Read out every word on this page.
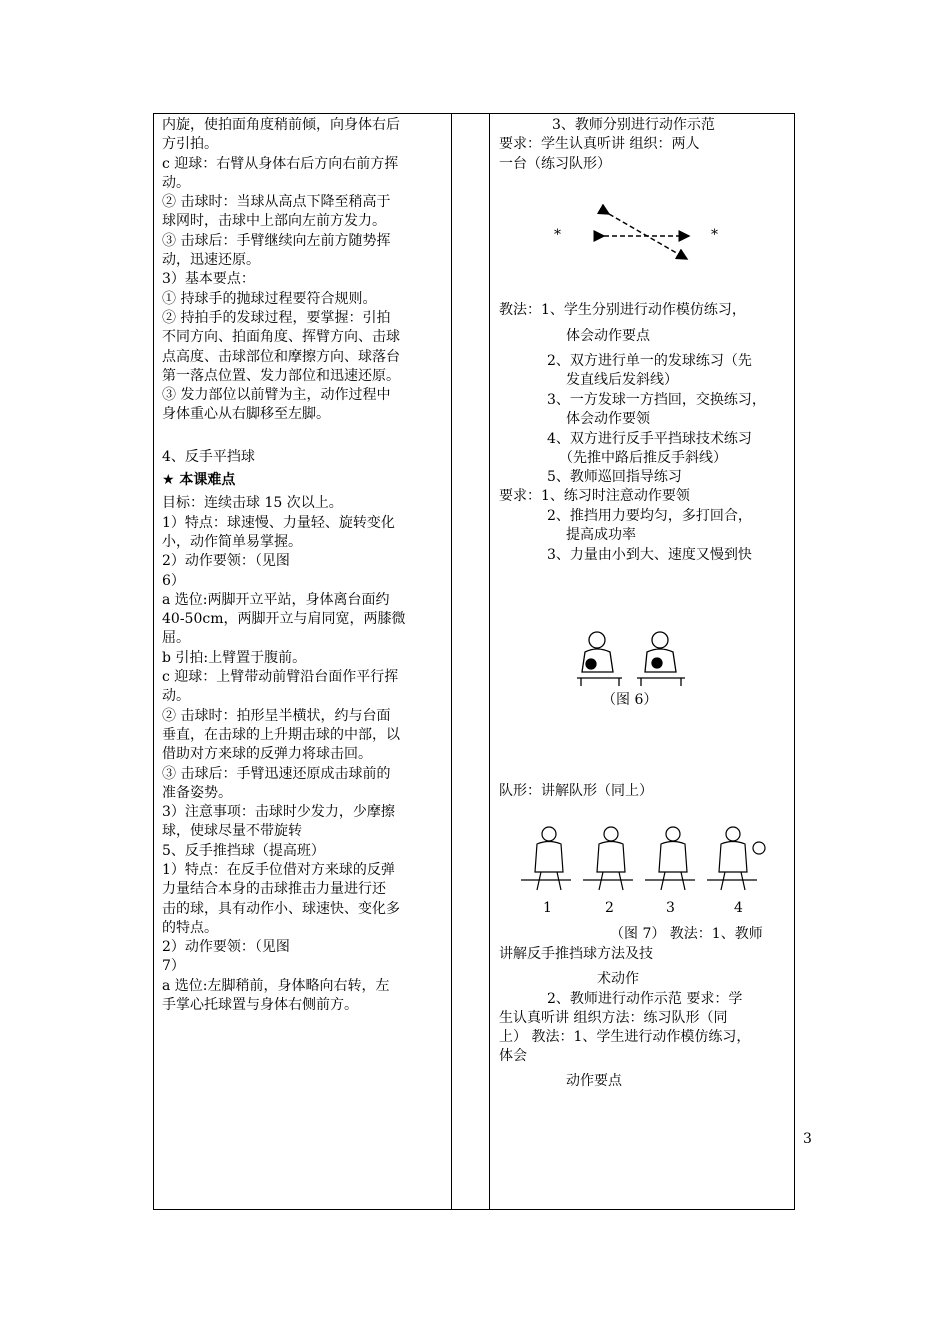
内旋，使拍面角度稍前倾，向身体右后
方引拍。
c 迎球：右臂从身体右后方向右前方挥
动。
② 击球时：当球从高点下降至稍高于
球网时，击球中上部向左前方发力。
③ 击球后：手臂继续向左前方随势挥
动，迅速还原。
3）基本要点：
① 持球手的抛球过程要符合规则。
② 持拍手的发球过程，要掌握：引拍
不同方向、拍面角度、挥臂方向、击球
点高度、击球部位和摩擦方向、球落台
第一落点位置、发力部位和迅速还原。
③ 发力部位以前臂为主，动作过程中
身体重心从右脚移至左脚。
4、反手平挡球
★ 本课难点
目标：连续击球 15 次以上。
1）特点：球速慢、力量轻、旋转变化
小，动作简单易掌握。
2）动作要领：（见图
6）
a 选位:两脚开立平站，身体离台面约
40-50cm，两脚开立与肩同宽，两膝微
屈。
b 引拍:上臂置于腹前。
c 迎球：上臂带动前臂沿台面作平行挥
动。
② 击球时：拍形呈半横状，约与台面
垂直，在击球的上升期击球的中部，以
借助对方来球的反弹力将球击回。
③ 击球后：手臂迅速还原成击球前的
准备姿势。
3）注意事项：击球时少发力，少摩擦
球，使球尽量不带旋转
5、反手推挡球（提高班）
1）特点：在反手位借对方来球的反弹
力量结合本身的击球推击力量进行还
击的球，具有动作小、球速快、变化多
的特点。
2）动作要领：（见图
7）
a 选位:左脚稍前，身体略向右转，左
手掌心托球置与身体右侧前方。
3、教师分别进行动作示范
要求：学生认真听讲 组织：两人
一台（练习队形）
*	*
教法：1、学生分别进行动作模仿练习，
体会动作要点
2、双方进行单一的发球练习（先
发直线后发斜线）
3、一方发球一方挡回，交换练习，
体会动作要领
4、双方进行反手平挡球技术练习
（先推中路后推反手斜线）
5、教师巡回指导练习
要求：1、练习时注意动作要领
2、推挡用力要均匀，多打回合，
提高成功率
3、力量由小到大、速度又慢到快
（图 6）
队形：讲解队形（同上）
1	2	3	4
（图 7） 教法：1、教师
讲解反手推挡球方法及技
术动作
2、教师进行动作示范 要求：学
生认真听讲 组织方法：练习队形（同
上） 教法：1、学生进行动作模仿练习，
体会
动作要点
3
